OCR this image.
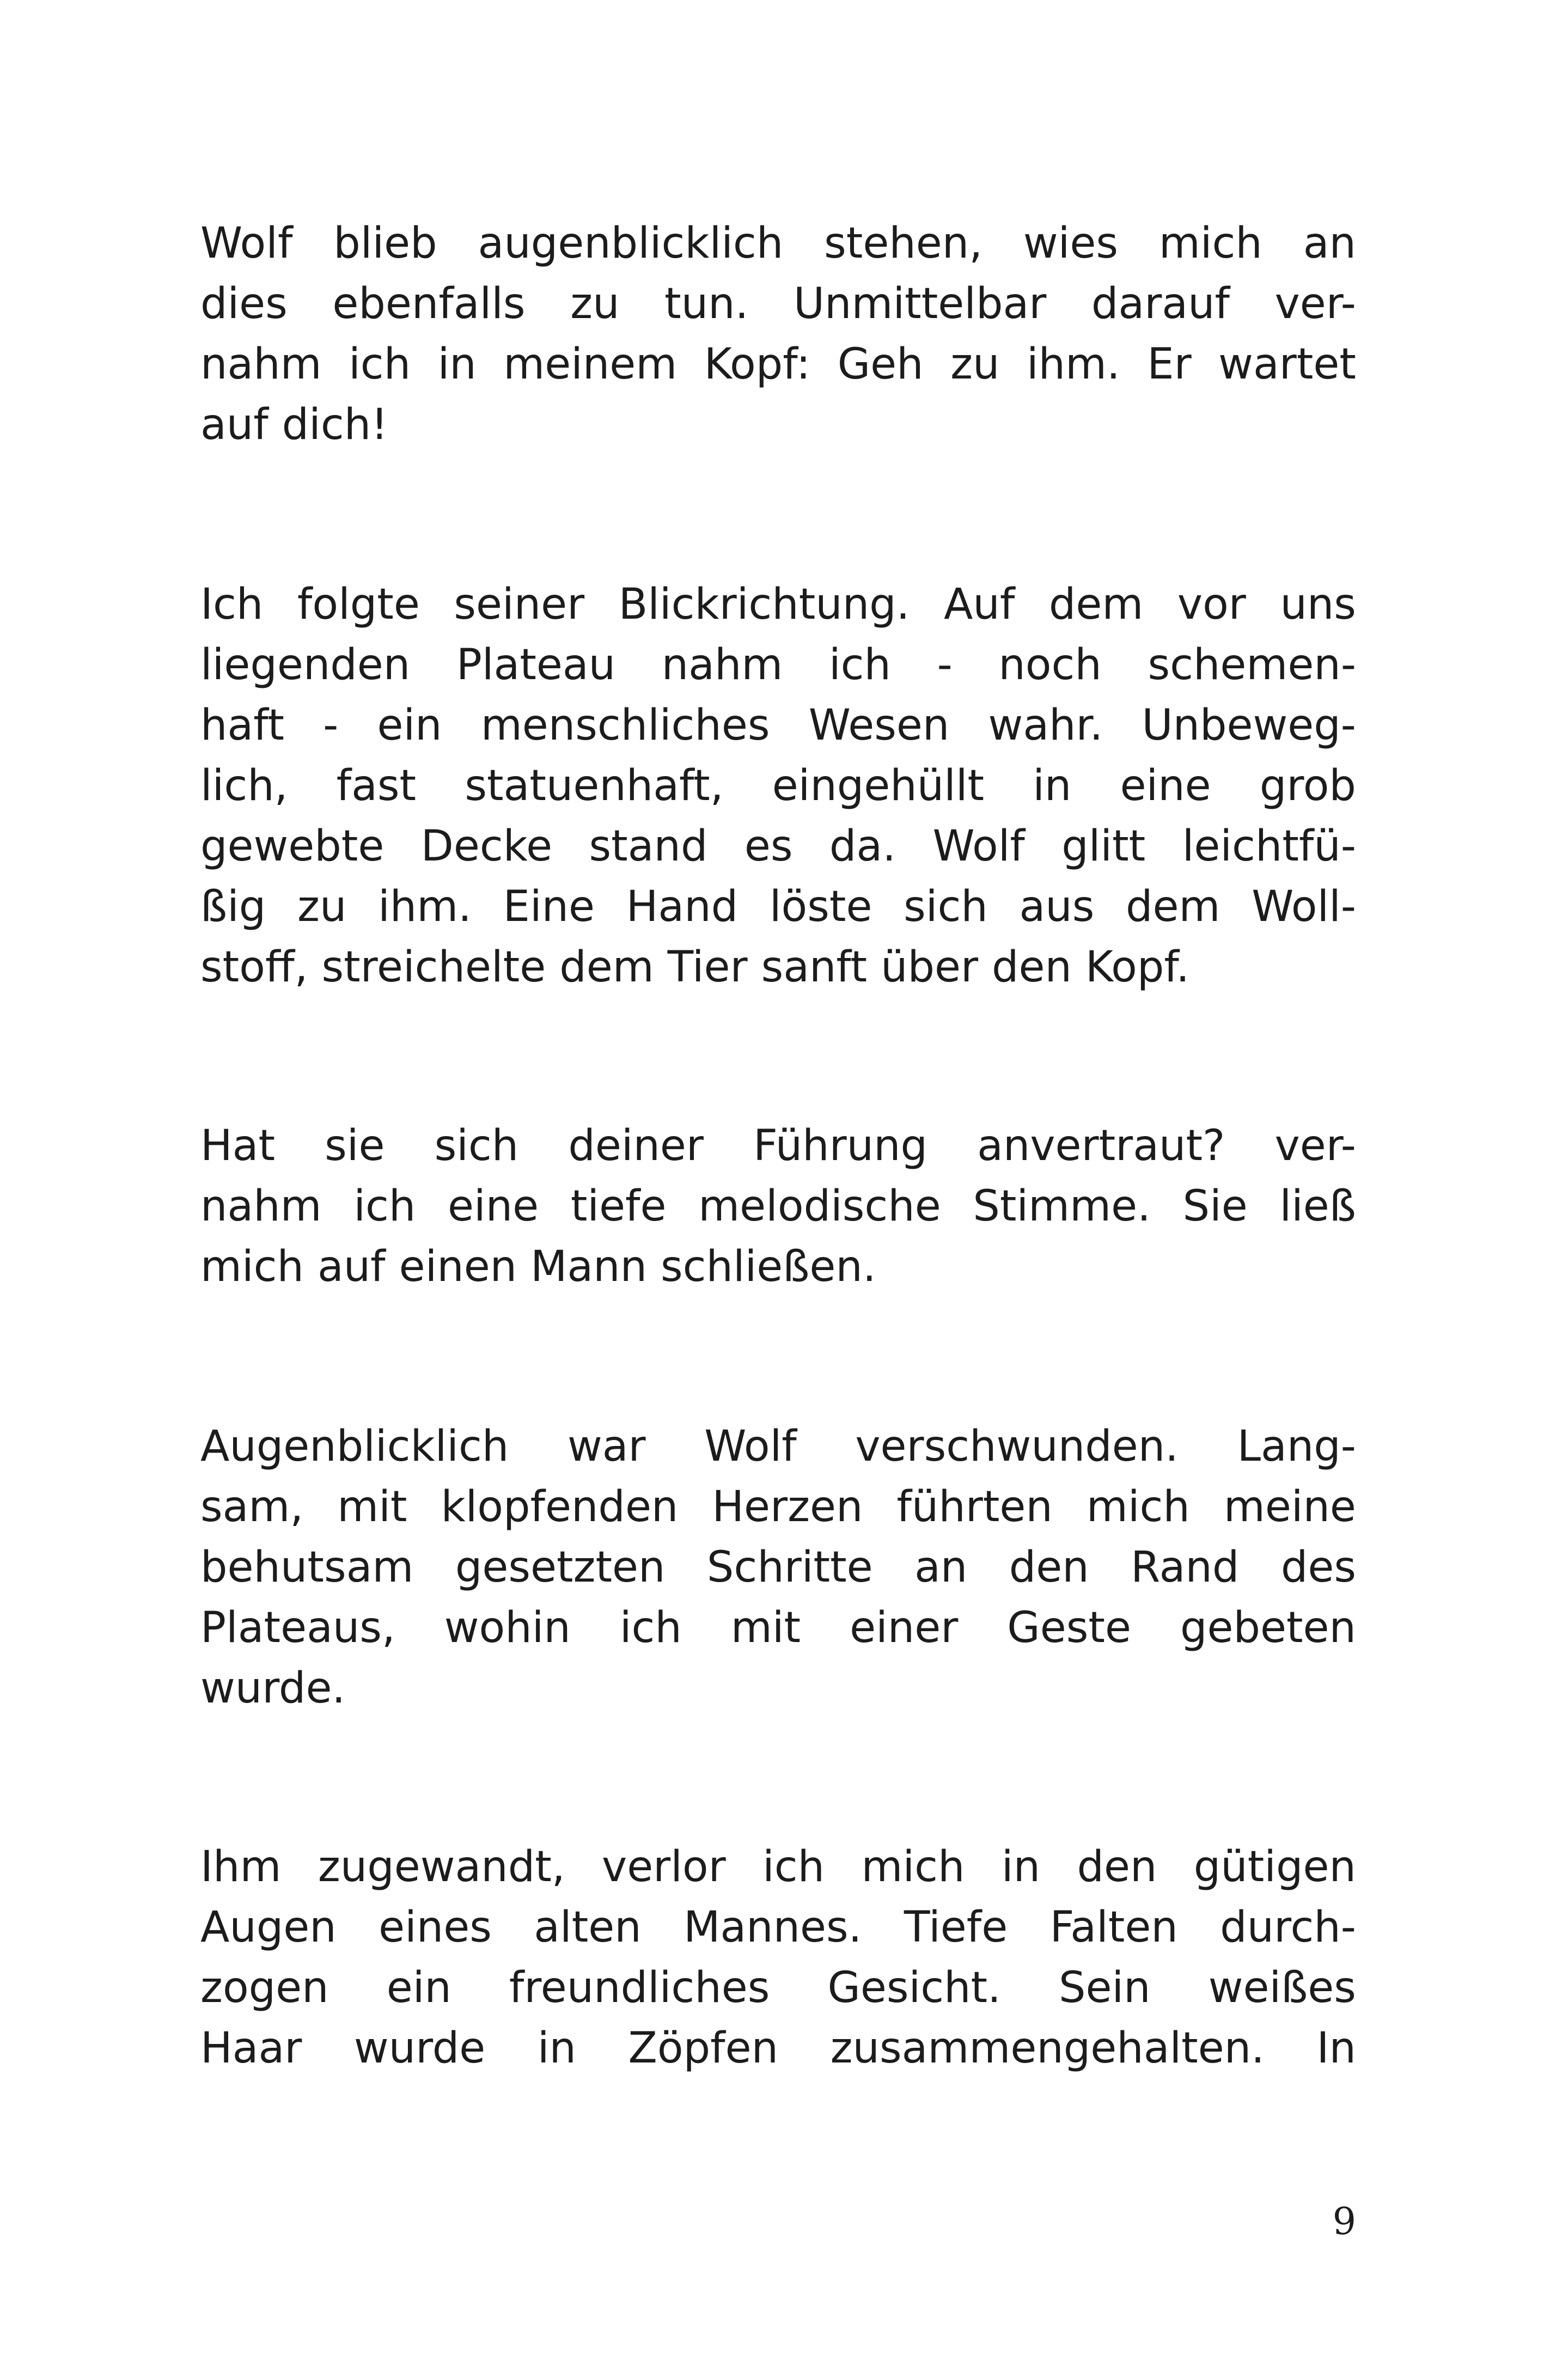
Wolf blieb augenblicklich stehen, wies mich an
dies ebenfalls zu tun. Unmittelbar darauf ver-
nahm ich in meinem Kopf: Geh zu ihm. Er wartet
auf dich!
Ich folgte seiner Blickrichtung. Auf dem vor uns
liegenden Plateau nahm ich - noch schemen-
haft - ein menschliches Wesen wahr. Unbeweg-
lich, fast statuenhaft, eingehüllt in eine grob
gewebte Decke stand es da. Wolf glitt leichtfü-
ßig zu ihm. Eine Hand löste sich aus dem Woll-
stoff, streichelte dem Tier sanft über den Kopf.
Hat sie sich deiner Führung anvertraut? ver-
nahm ich eine tiefe melodische Stimme. Sie ließ
mich auf einen Mann schließen.
Augenblicklich war Wolf verschwunden. Lang-
sam, mit klopfenden Herzen führten mich meine
behutsam gesetzten Schritte an den Rand des
Plateaus, wohin ich mit einer Geste gebeten
wurde.
Ihm zugewandt, verlor ich mich in den gütigen
Augen eines alten Mannes. Tiefe Falten durch-
zogen ein freundliches Gesicht. Sein weißes
Haar wurde in Zöpfen zusammengehalten. In
9
